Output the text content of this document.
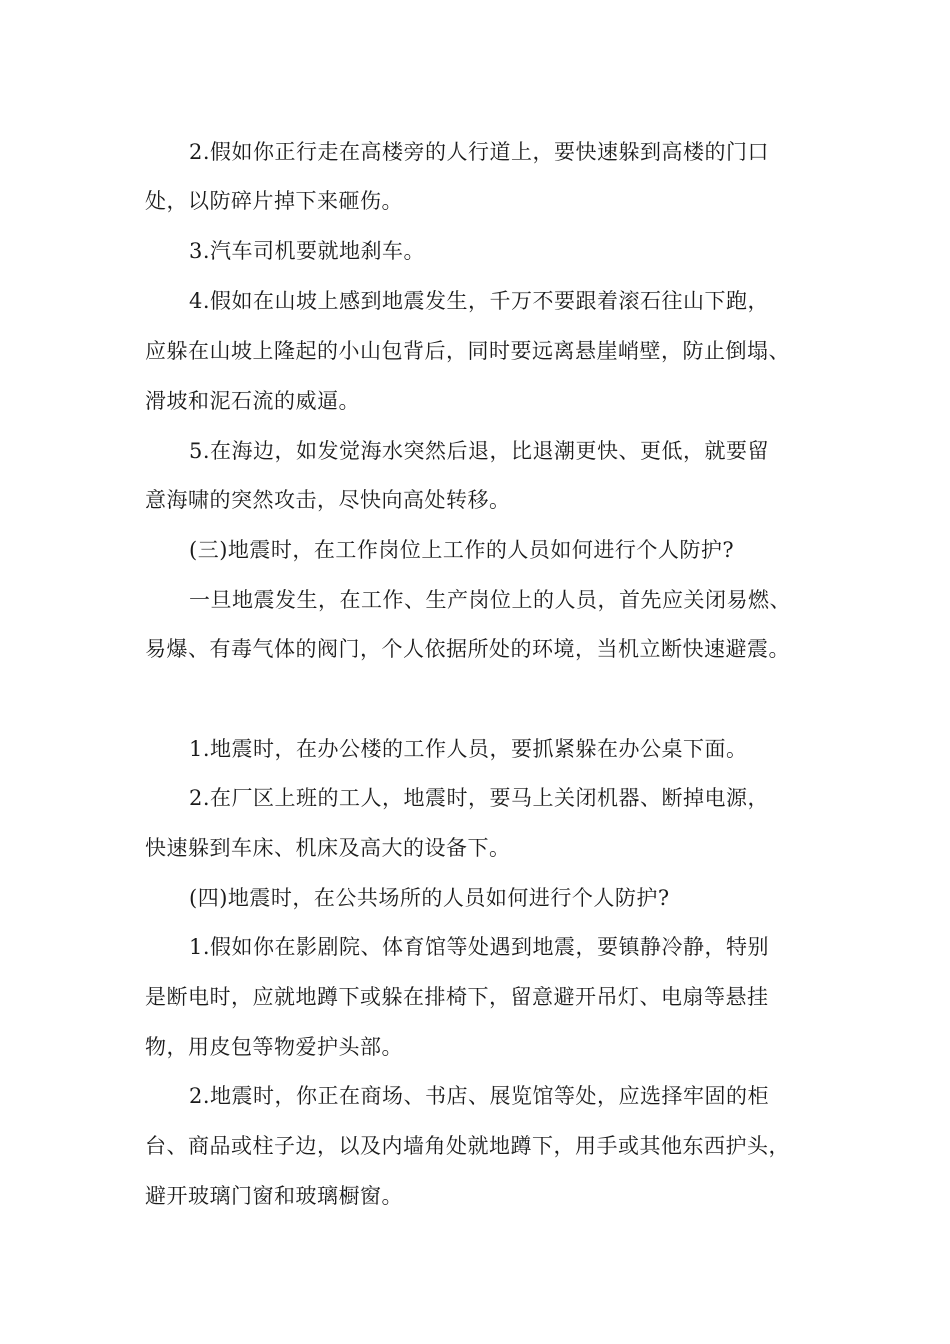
2.假如你正行走在高楼旁的人行道上，要快速躲到高楼的门口
处，以防碎片掉下来砸伤。
3.汽车司机要就地刹车。
4.假如在山坡上感到地震发生，千万不要跟着滚石往山下跑，
应躲在山坡上隆起的小山包背后，同时要远离悬崖峭壁，防止倒塌、
滑坡和泥石流的威逼。
5.在海边，如发觉海水突然后退，比退潮更快、更低，就要留
意海啸的突然攻击，尽快向高处转移。
(三)地震时，在工作岗位上工作的人员如何进行个人防护?
一旦地震发生，在工作、生产岗位上的人员，首先应关闭易燃、
易爆、有毒气体的阀门，个人依据所处的环境，当机立断快速避震。
1.地震时，在办公楼的工作人员，要抓紧躲在办公桌下面。
2.在厂区上班的工人，地震时，要马上关闭机器、断掉电源，
快速躲到车床、机床及高大的设备下。
(四)地震时，在公共场所的人员如何进行个人防护?
1.假如你在影剧院、体育馆等处遇到地震，要镇静冷静，特别
是断电时，应就地蹲下或躲在排椅下，留意避开吊灯、电扇等悬挂
物，用皮包等物爱护头部。
2.地震时，你正在商场、书店、展览馆等处，应选择牢固的柜
台、商品或柱子边，以及内墙角处就地蹲下，用手或其他东西护头，
避开玻璃门窗和玻璃橱窗。
